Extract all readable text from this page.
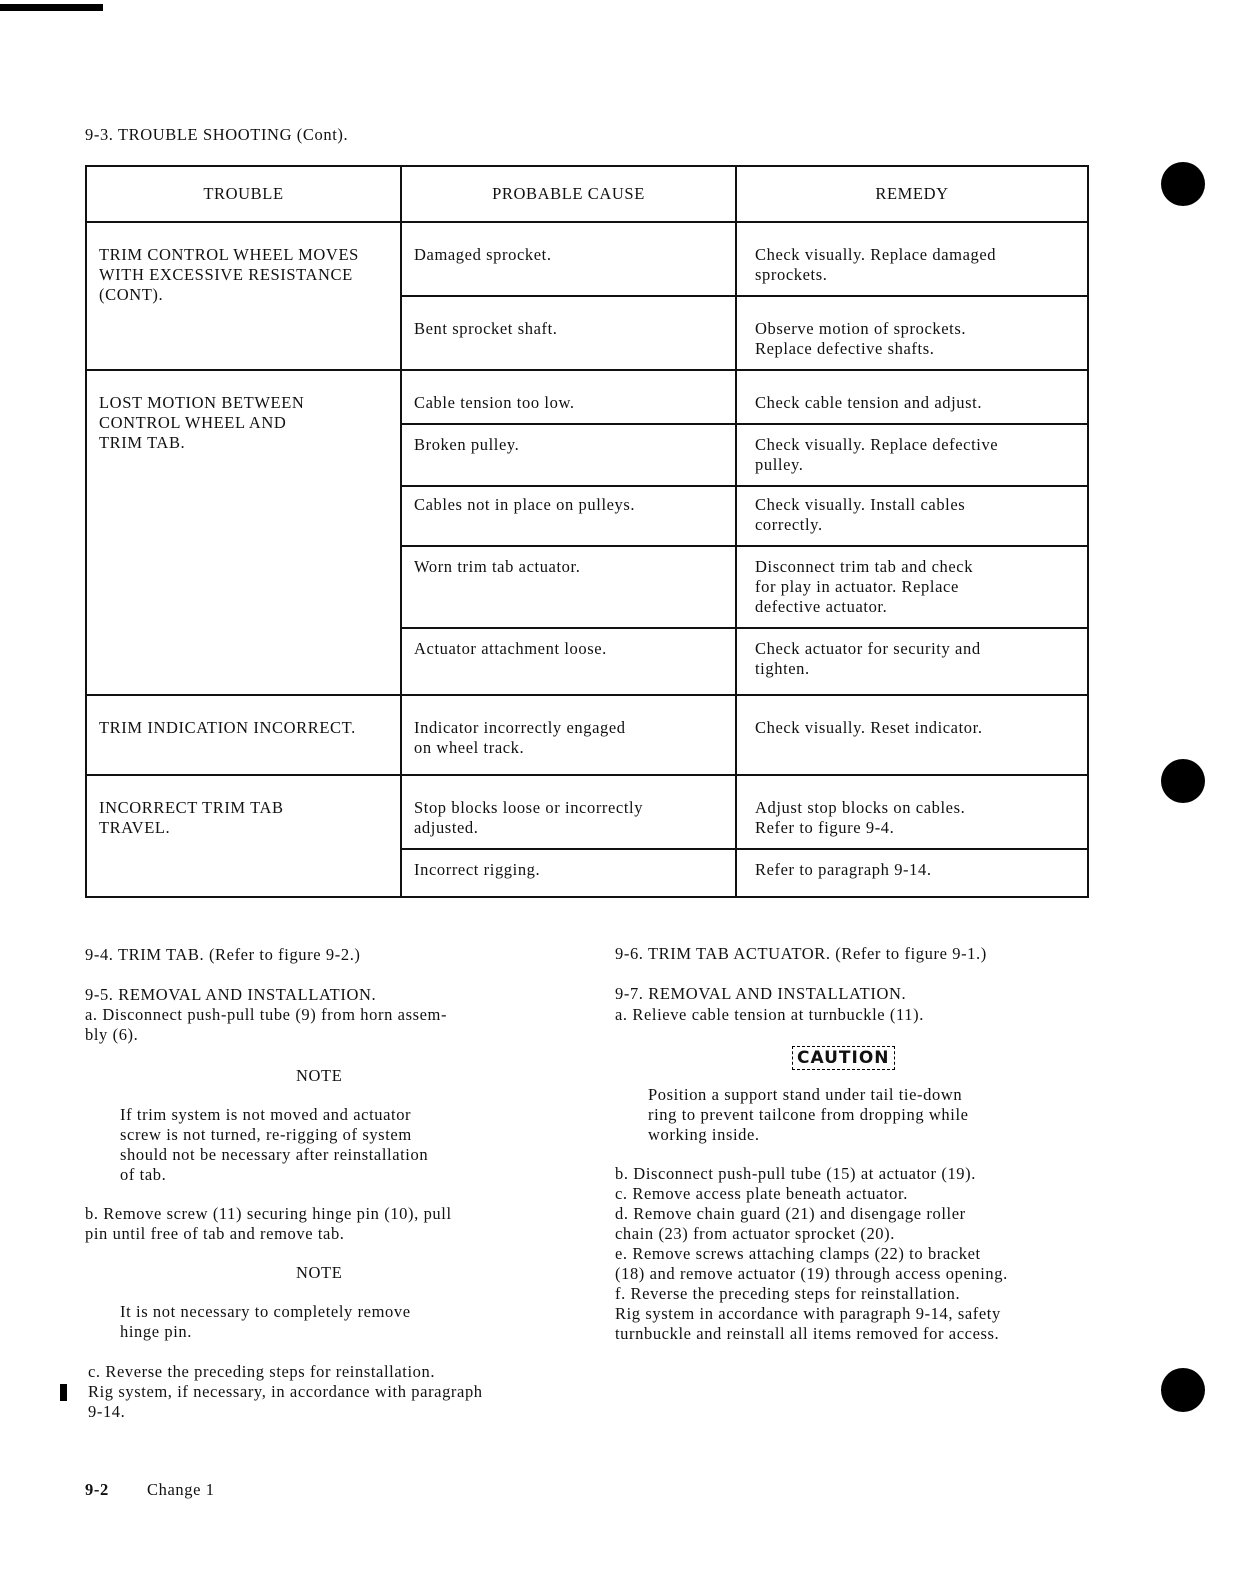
9-3. TROUBLE SHOOTING (Cont).
TROUBLE	PROBABLE CAUSE	REMEDY

TRIM CONTROL WHEEL MOVES
WITH EXCESSIVE RESISTANCE
(CONT).	Damaged sprocket.	Check visually. Replace damaged
sprockets.

	Bent sprocket shaft.	Observe motion of sprockets.
Replace defective shafts.

LOST MOTION BETWEEN
CONTROL WHEEL AND
TRIM TAB.	Cable tension too low.	Check cable tension and adjust.

	Broken pulley.	Check visually. Replace defective
pulley.

	Cables not in place on pulleys.	Check visually. Install cables
correctly.

	Worn trim tab actuator.	Disconnect trim tab and check
for play in actuator. Replace
defective actuator.

	Actuator attachment loose.	Check actuator for security and
tighten.

TRIM INDICATION INCORRECT.	Indicator incorrectly engaged
on wheel track.	Check visually. Reset indicator.

INCORRECT TRIM TAB
TRAVEL.	Stop blocks loose or incorrectly
adjusted.	Adjust stop blocks on cables.
Refer to figure 9-4.

	Incorrect rigging.	Refer to paragraph 9-14.
9-4. TRIM TAB. (Refer to figure 9-2.)
9-5. REMOVAL AND INSTALLATION.
a. Disconnect push-pull tube (9) from horn assem-
bly (6).
NOTE
If trim system is not moved and actuator
screw is not turned, re-rigging of system
should not be necessary after reinstallation
of tab.
b. Remove screw (11) securing hinge pin (10), pull
pin until free of tab and remove tab.
NOTE
It is not necessary to completely remove
hinge pin.
c. Reverse the preceding steps for reinstallation.
Rig system, if necessary, in accordance with paragraph
9-14.
9-6. TRIM TAB ACTUATOR. (Refer to figure 9-1.)
9-7. REMOVAL AND INSTALLATION.
a. Relieve cable tension at turnbuckle (11).
CAUTION
Position a support stand under tail tie-down
ring to prevent tailcone from dropping while
working inside.
b. Disconnect push-pull tube (15) at actuator (19).
c. Remove access plate beneath actuator.
d. Remove chain guard (21) and disengage roller
chain (23) from actuator sprocket (20).
e. Remove screws attaching clamps (22) to bracket
(18) and remove actuator (19) through access opening.
f. Reverse the preceding steps for reinstallation.
Rig system in accordance with paragraph 9-14, safety
turnbuckle and reinstall all items removed for access.
9-2 Change 1
